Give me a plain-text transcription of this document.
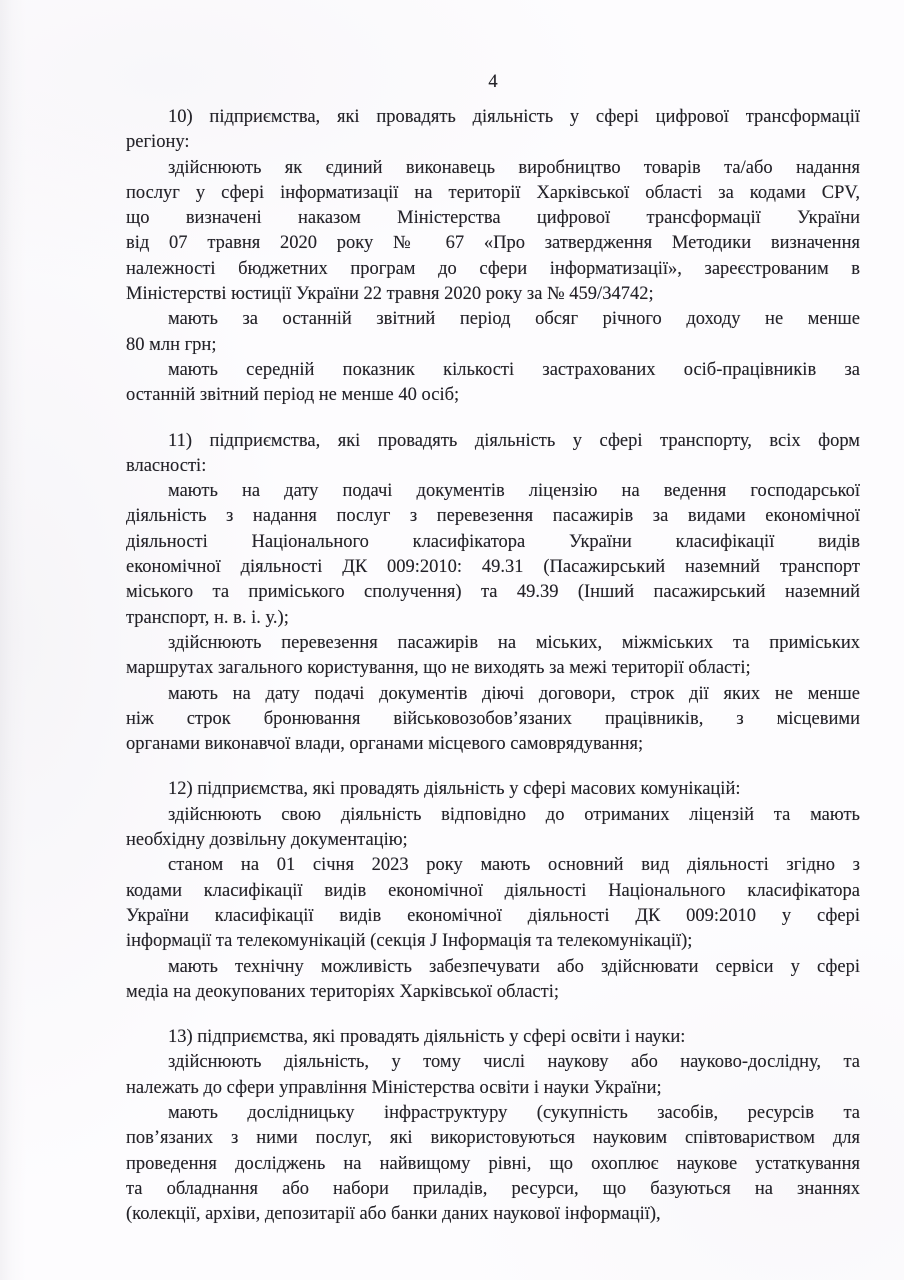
4
10) підприємства, які провадять діяльність у сфері цифрової трансформації
регіону:
здійснюють як єдиний виконавець виробництво товарів та/або надання
послуг у сфері інформатизації на території Харківської області за кодами CPV,
що визначені наказом Міністерства цифрової трансформації України
від 07 травня 2020 року № 67 «Про затвердження Методики визначення
належності бюджетних програм до сфери інформатизації», зареєстрованим в
Міністерстві юстиції України 22 травня 2020 року за № 459/34742;
мають за останній звітний період обсяг річного доходу не менше
80 млн грн;
мають середній показник кількості застрахованих осіб-працівників за
останній звітний період не менше 40 осіб;
11) підприємства, які провадять діяльність у сфері транспорту, всіх форм
власності:
мають на дату подачі документів ліцензію на ведення господарської
діяльність з надання послуг з перевезення пасажирів за видами економічної
діяльності Національного класифікатора України класифікації видів
економічної діяльності ДК 009:2010: 49.31 (Пасажирський наземний транспорт
міського та приміського сполучення) та 49.39 (Інший пасажирський наземний
транспорт, н. в. і. у.);
здійснюють перевезення пасажирів на міських, міжміських та приміських
маршрутах загального користування, що не виходять за межі території області;
мають на дату подачі документів діючі договори, строк дії яких не менше
ніж строк бронювання військовозобов’язаних працівників, з місцевими
органами виконавчої влади, органами місцевого самоврядування;
12) підприємства, які провадять діяльність у сфері масових комунікацій:
здійснюють свою діяльність відповідно до отриманих ліцензій та мають
необхідну дозвільну документацію;
станом на 01 січня 2023 року мають основний вид діяльності згідно з
кодами класифікації видів економічної діяльності Національного класифікатора
України класифікації видів економічної діяльності ДК 009:2010 у сфері
інформації та телекомунікацій (секція J Інформація та телекомунікації);
мають технічну можливість забезпечувати або здійснювати сервіси у сфері
медіа на деокупованих територіях Харківської області;
13) підприємства, які провадять діяльність у сфері освіти і науки:
здійснюють діяльність, у тому числі наукову або науково-дослідну, та
належать до сфери управління Міністерства освіти і науки України;
мають дослідницьку інфраструктуру (сукупність засобів, ресурсів та
пов’язаних з ними послуг, які використовуються науковим співтовариством для
проведення досліджень на найвищому рівні, що охоплює наукове устаткування
та обладнання або набори приладів, ресурси, що базуються на знаннях
(колекції, архіви, депозитарії або банки даних наукової інформації),
